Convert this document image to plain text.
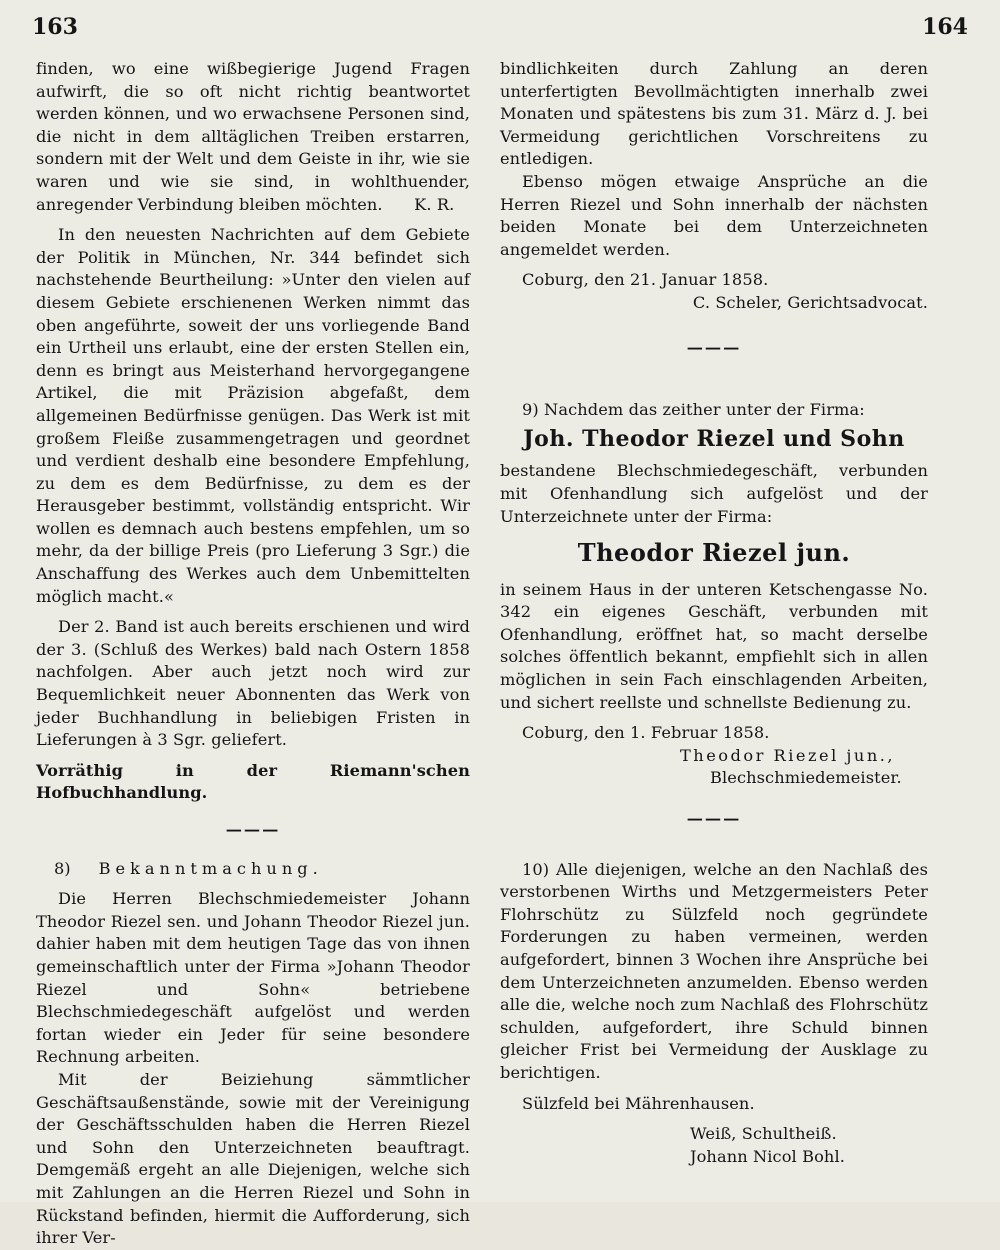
163	164

finden, wo eine wißbegierige Jugend Fragen aufwirft, die so oft nicht richtig beantwortet werden können, und wo erwachsene Personen sind, die nicht in dem alltäglichen Treiben erstarren, sondern mit der Welt und dem Geiste in ihr, wie sie waren und wie sie sind, in wohlthuender, anregender Verbindung bleiben möchten. K. R.

In den neuesten Nachrichten auf dem Gebiete der Politik in München, Nr. 344 befindet sich nachstehende Beurtheilung: »Unter den vielen auf diesem Gebiete erschienenen Werken nimmt das oben angeführte, soweit der uns vorliegende Band ein Urtheil uns erlaubt, eine der ersten Stellen ein, denn es bringt aus Meisterhand hervorgegangene Artikel, die mit Präzision abgefaßt, dem allgemeinen Bedürfnisse genügen. Das Werk ist mit großem Fleiße zusammengetragen und geordnet und verdient deshalb eine besondere Empfehlung, zu dem es dem Bedürfnisse, zu dem es der Herausgeber bestimmt, vollständig entspricht. Wir wollen es demnach auch bestens empfehlen, um so mehr, da der billige Preis (pro Lieferung 3 Sgr.) die Anschaffung des Werkes auch dem Unbemittelten möglich macht.«

Der 2. Band ist auch bereits erschienen und wird der 3. (Schluß des Werkes) bald nach Ostern 1858 nachfolgen. Aber auch jetzt noch wird zur Bequemlichkeit neuer Abonnenten das Werk von jeder Buchhandlung in beliebigen Fristen in Lieferungen à 3 Sgr. geliefert.

Vorräthig in der Riemann'schen Hofbuchhandlung.

———
8) Bekanntmachung.

Die Herren Blechschmiedemeister Johann Theodor Riezel sen. und Johann Theodor Riezel jun. dahier haben mit dem heutigen Tage das von ihnen gemeinschaftlich unter der Firma »Johann Theodor Riezel und Sohn« betriebene Blechschmiedegeschäft aufgelöst und werden fortan wieder ein Jeder für seine besondere Rechnung arbeiten.

Mit der Beiziehung sämmtlicher Geschäftsaußenstände, sowie mit der Vereinigung der Geschäftsschulden haben die Herren Riezel und Sohn den Unterzeichneten beauftragt. Demgemäß ergeht an alle Diejenigen, welche sich mit Zahlungen an die Herren Riezel und Sohn in Rückstand befinden, hiermit die Aufforderung, sich ihrer Ver-

bindlichkeiten durch Zahlung an deren unterfertigten Bevollmächtigten innerhalb zwei Monaten und spätestens bis zum 31. März d. J. bei Vermeidung gerichtlichen Vorschreitens zu entledigen.

Ebenso mögen etwaige Ansprüche an die Herren Riezel und Sohn innerhalb der nächsten beiden Monate bei dem Unterzeichneten angemeldet werden.

Coburg, den 21. Januar 1858.

C. Scheler, Gerichtsadvocat.

———

9) Nachdem das zeither unter der Firma:

Joh. Theodor Riezel und Sohn

bestandene Blechschmiedegeschäft, verbunden mit Ofenhandlung sich aufgelöst und der Unterzeichnete unter der Firma:

Theodor Riezel jun.

in seinem Haus in der unteren Ketschengasse No. 342 ein eigenes Geschäft, verbunden mit Ofenhandlung, eröffnet hat, so macht derselbe solches öffentlich bekannt, empfiehlt sich in allen möglichen in sein Fach einschlagenden Arbeiten, und sichert reellste und schnellste Bedienung zu.

Coburg, den 1. Februar 1858.

Theodor Riezel jun.,

Blechschmiedemeister.

———

10) Alle diejenigen, welche an den Nachlaß des verstorbenen Wirths und Metzgermeisters Peter Flohrschütz zu Sülzfeld noch gegründete Forderungen zu haben vermeinen, werden aufgefordert, binnen 3 Wochen ihre Ansprüche bei dem Unterzeichneten anzumelden. Ebenso werden alle die, welche noch zum Nachlaß des Flohrschütz schulden, aufgefordert, ihre Schuld binnen gleicher Frist bei Vermeidung der Ausklage zu berichtigen.

Sülzfeld bei Mährenhausen.

Weiß, Schultheiß.

Johann Nicol Bohl.
